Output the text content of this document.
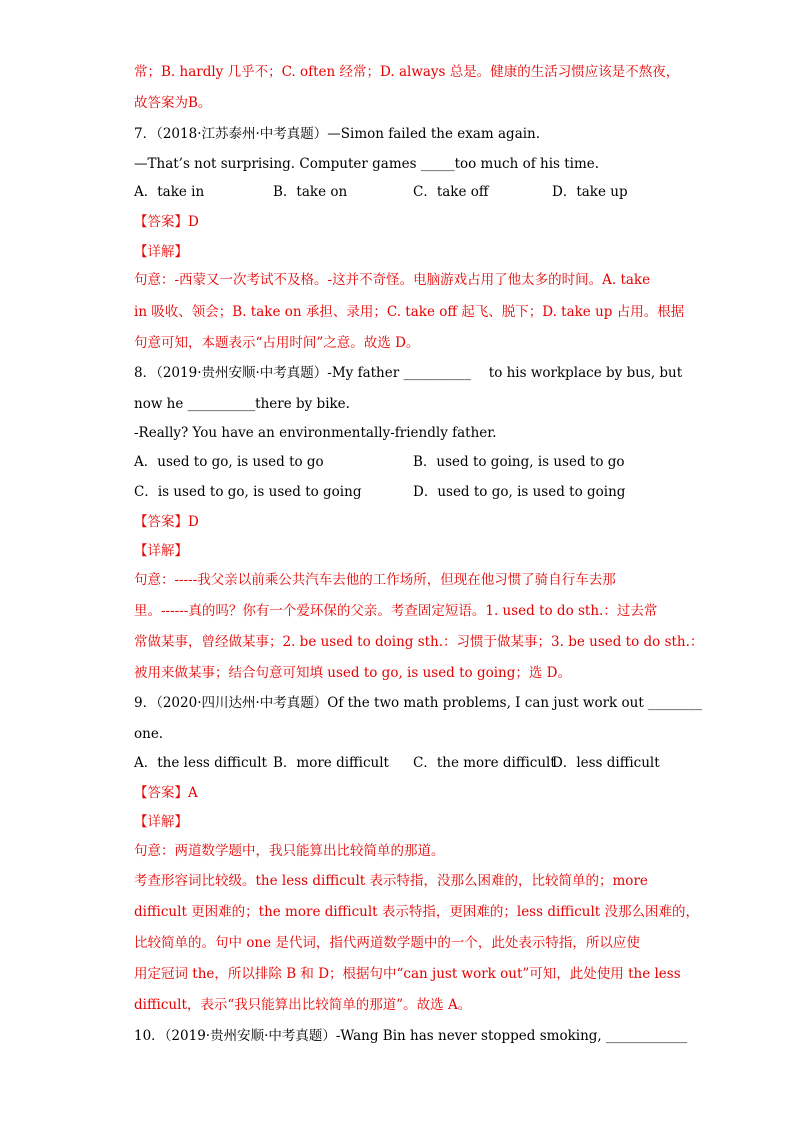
常；B. hardly 几乎不；C. often 经常；D. always 总是。健康的生活习惯应该是不熬夜，
故答案为B。
7．（2018·江苏泰州·中考真题）—Simon failed the exam again.
—That’s not surprising. Computer games _____too much of his time.
A．take in	B．take on	C．take off	D．take up
【答案】D
【详解】
句意：-西蒙又一次考试不及格。-这并不奇怪。电脑游戏占用了他太多的时间。A. take
in 吸收、领会；B. take on 承担、录用；C. take off 起飞、脱下；D. take up 占用。根据
句意可知，本题表示“占用时间”之意。故选 D。
8．（2019·贵州安顺·中考真题）-My father __________　 to his workplace by bus, but
now he __________there by bike.
-Really? You have an environmentally-friendly father.
A．used to go, is used to go	B．used to going, is used to go
C．is used to go, is used to going	D．used to go, is used to going
【答案】D
【详解】
句意：-----我父亲以前乘公共汽车去他的工作场所，但现在他习惯了骑自行车去那
里。------真的吗？你有一个爱环保的父亲。考查固定短语。1. used to do sth.：过去常
常做某事，曾经做某事；2. be used to doing sth.：习惯于做某事；3. be used to do sth.：
被用来做某事；结合句意可知填 used to go, is used to going；选 D。
9．（2020·四川达州·中考真题）Of the two math problems, I can just work out ________
one.
A．the less difficult B．more difficult C．the more difficult
D．less difficult
【答案】A
【详解】
句意：两道数学题中，我只能算出比较简单的那道。
考查形容词比较级。the less difficult 表示特指，没那么困难的，比较简单的；more
difficult 更困难的；the more difficult 表示特指，更困难的；less difficult 没那么困难的，
比较简单的。句中 one 是代词，指代两道数学题中的一个，此处表示特指，所以应使
用定冠词 the，所以排除 B 和 D；根据句中“can just work out”可知，此处使用 the less
difficult，表示“我只能算出比较简单的那道”。故选 A。
10．（2019·贵州安顺·中考真题）-Wang Bin has never stopped smoking, ____________
